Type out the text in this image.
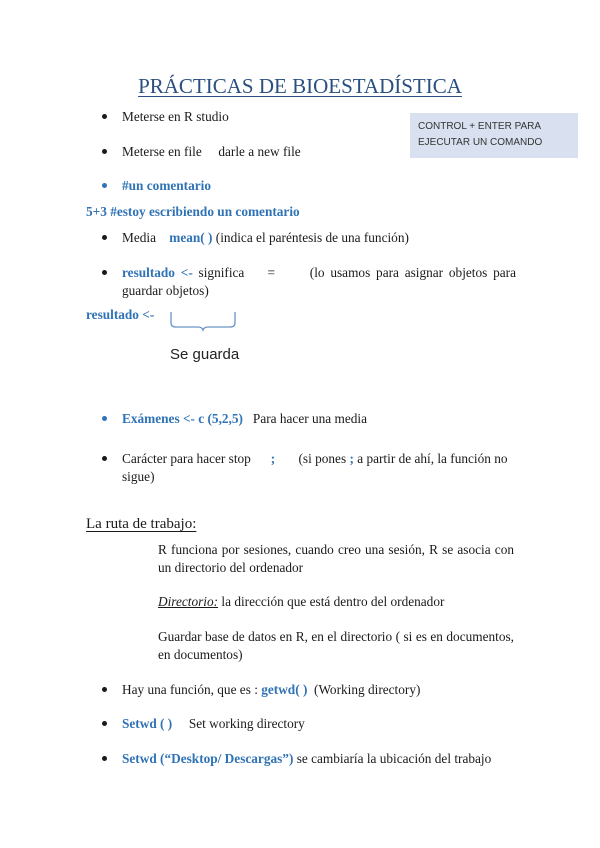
PRÁCTICAS DE BIOESTADÍSTICA
CONTROL + ENTER PARA
EJECUTAR UN COMANDO
Meterse en R studio
Meterse en file     darle a new file
#un comentario
5+3 #estoy escribiendo un comentario
Media    mean( ) (indica el paréntesis de una función)
resultado <- significa    =      (lo usamos para asignar objetos para guardar objetos)
resultado <-
Se guarda
Exámenes <- c (5,2,5)   Para hacer una media
Carácter para hacer stop      ;       (si pones ; a partir de ahí, la función no sigue)
La ruta de trabajo:
R funciona por sesiones, cuando creo una sesión, R se asocia con un directorio del ordenador
Directorio: la dirección que está dentro del ordenador
Guardar base de datos en R, en el directorio ( si es en documentos, en documentos)
Hay una función, que es : getwd( )  (Working directory)
Setwd ( )     Set working directory
Setwd (“Desktop/ Descargas”) se cambiaría la ubicación del trabajo
